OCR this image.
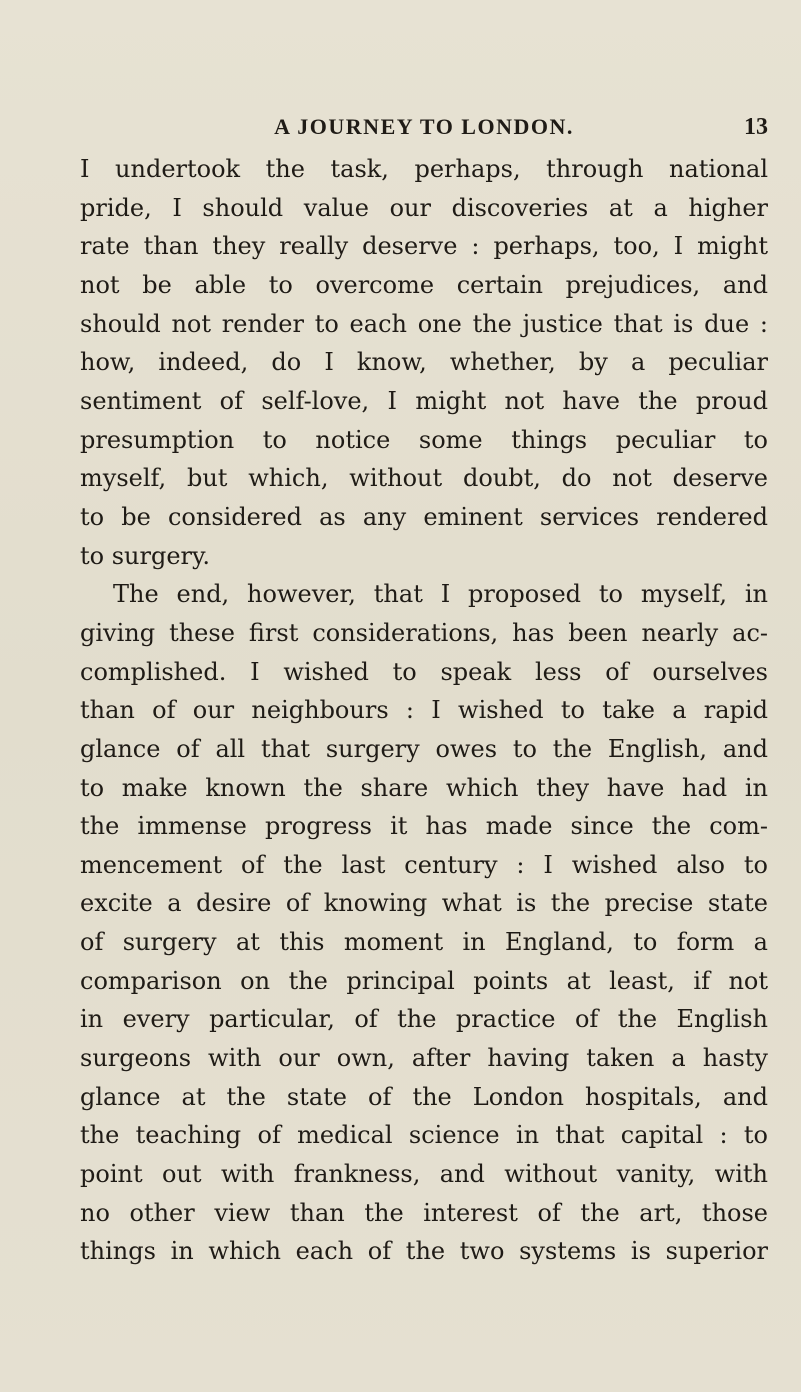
A JOURNEY TO LONDON.	13
I undertook the task, perhaps, through national
pride, I should value our discoveries at a higher
rate than they really deserve : perhaps, too, I might
not be able to overcome certain prejudices, and
should not render to each one the justice that is due :
how, indeed, do I know, whether, by a peculiar
sentiment of self-love, I might not have the proud
presumption to notice some things peculiar to
myself, but which, without doubt, do not deserve
to be considered as any eminent services rendered
to surgery.
The end, however, that I proposed to myself, in
giving these first considerations, has been nearly ac-
complished. I wished to speak less of ourselves
than of our neighbours : I wished to take a rapid
glance of all that surgery owes to the English, and
to make known the share which they have had in
the immense progress it has made since the com-
mencement of the last century : I wished also to
excite a desire of knowing what is the precise state
of surgery at this moment in England, to form a
comparison on the principal points at least, if not
in every particular, of the practice of the English
surgeons with our own, after having taken a hasty
glance at the state of the London hospitals, and
the teaching of medical science in that capital : to
point out with frankness, and without vanity, with
no other view than the interest of the art, those
things in which each of the two systems is superior
